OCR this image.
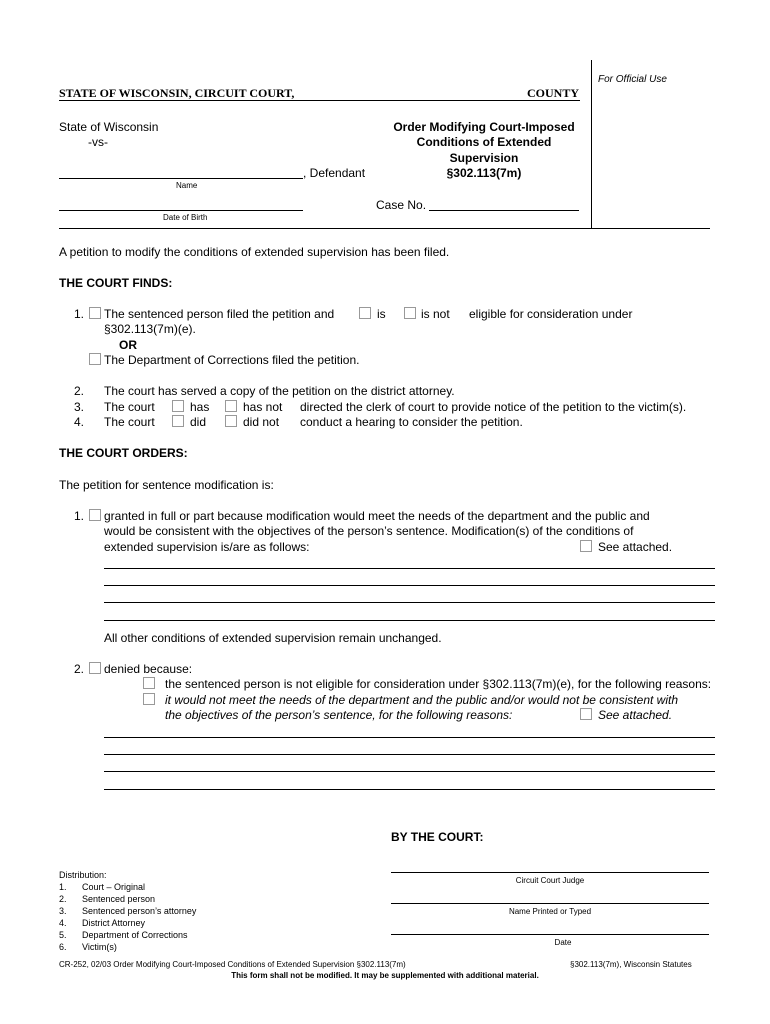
STATE OF WISCONSIN, CIRCUIT COURT,	COUNTY
For Official Use
State of Wisconsin
-vs-
, Defendant
Name
Date of Birth
Order Modifying Court-Imposed
Conditions of Extended
Supervision
§302.113(7m)
Case No.
A petition to modify the conditions of extended supervision has been filed.
THE COURT FINDS:
1. The sentenced person filed the petition and	is	is not eligible for consideration under
§302.113(7m)(e).
OR
The Department of Corrections filed the petition.
2. The court has served a copy of the petition on the district attorney.
3. The court	has	has not directed the clerk of court to provide notice of the petition to the victim(s).
4. The court	did	did not conduct a hearing to consider the petition.
THE COURT ORDERS:
The petition for sentence modification is:
1. granted in full or part because modification would meet the needs of the department and the public and
would be consistent with the objectives of the person’s sentence. Modification(s) of the conditions of
extended supervision is/are as follows:	See attached.
All other conditions of extended supervision remain unchanged.
2. denied because:
the sentenced person is not eligible for consideration under §302.113(7m)(e), for the following reasons:
it would not meet the needs of the department and the public and/or would not be consistent with
the objectives of the person’s sentence, for the following reasons:	See attached.
BY THE COURT:
Circuit Court Judge
Name Printed or Typed
Date
Distribution:
1. Court – Original
2. Sentenced person
3. Sentenced person’s attorney
4. District Attorney
5. Department of Corrections
6. Victim(s)
CR-252, 02/03 Order Modifying Court-Imposed Conditions of Extended Supervision §302.113(7m)	§302.113(7m), Wisconsin Statutes
This form shall not be modified. It may be supplemented with additional material.
